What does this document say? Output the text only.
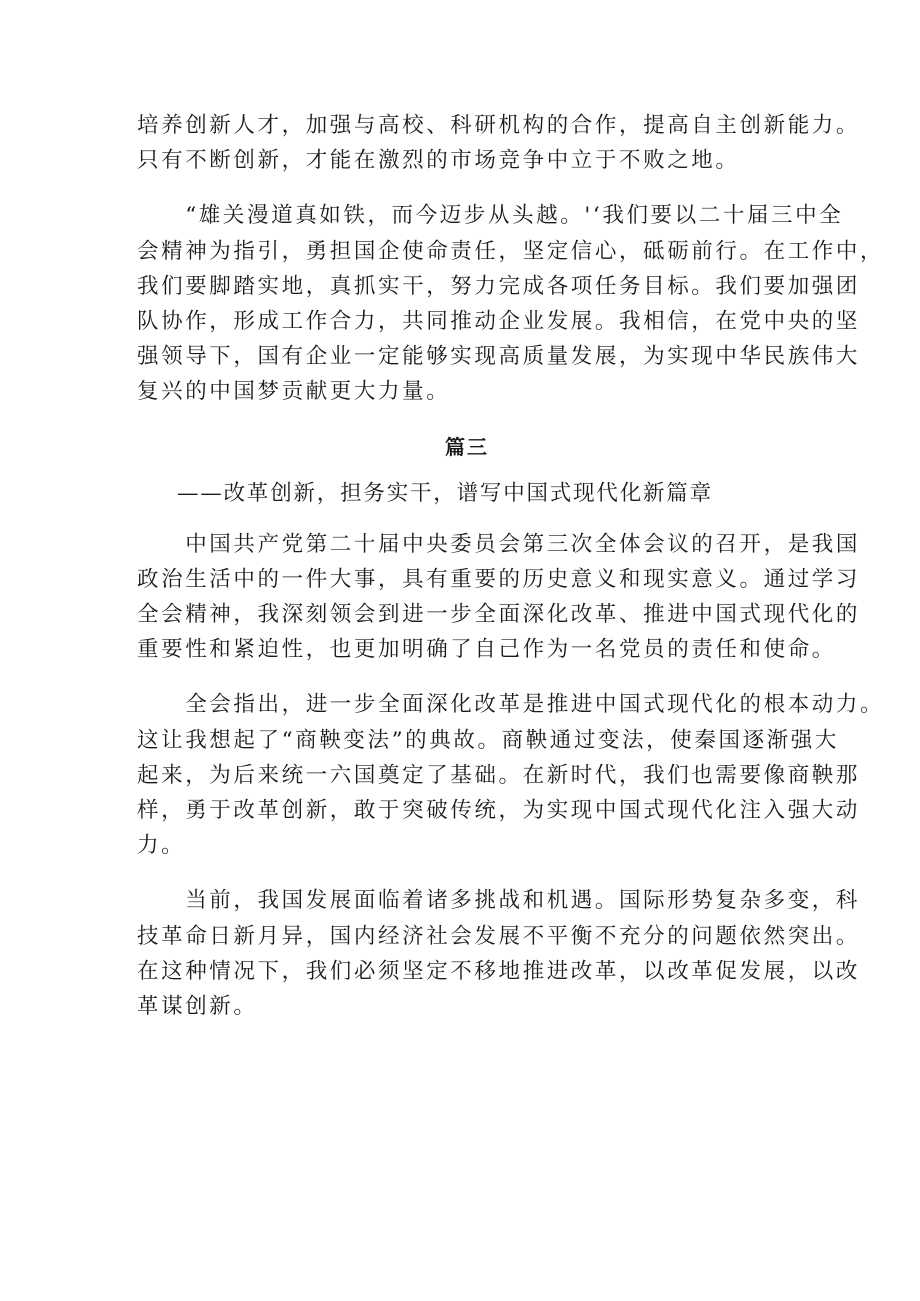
培养创新人才，加强与高校、科研机构的合作，提高自主创新能力。
只有不断创新，才能在激烈的市场竞争中立于不败之地。
　　“雄关漫道真如铁，而今迈步从头越。'‘我们要以二十届三中全
会精神为指引，勇担国企使命责任，坚定信心，砥砺前行。在工作中，
我们要脚踏实地，真抓实干，努力完成各项任务目标。我们要加强团
队协作，形成工作合力，共同推动企业发展。我相信，在党中央的坚
强领导下，国有企业一定能够实现高质量发展，为实现中华民族伟大
复兴的中国梦贡献更大力量。
篇三
——改革创新，担务实干，谱写中国式现代化新篇章
　　中国共产党第二十届中央委员会第三次全体会议的召开，是我国
政治生活中的一件大事，具有重要的历史意义和现实意义。通过学习
全会精神，我深刻领会到进一步全面深化改革、推进中国式现代化的
重要性和紧迫性，也更加明确了自己作为一名党员的责任和使命。
　　全会指出，进一步全面深化改革是推进中国式现代化的根本动力。
这让我想起了“商鞅变法”的典故。商鞅通过变法，使秦国逐渐强大
起来，为后来统一六国奠定了基础。在新时代，我们也需要像商鞅那
样，勇于改革创新，敢于突破传统，为实现中国式现代化注入强大动
力。
　　当前，我国发展面临着诸多挑战和机遇。国际形势复杂多变，科
技革命日新月异，国内经济社会发展不平衡不充分的问题依然突出。
在这种情况下，我们必须坚定不移地推进改革，以改革促发展，以改
革谋创新。
